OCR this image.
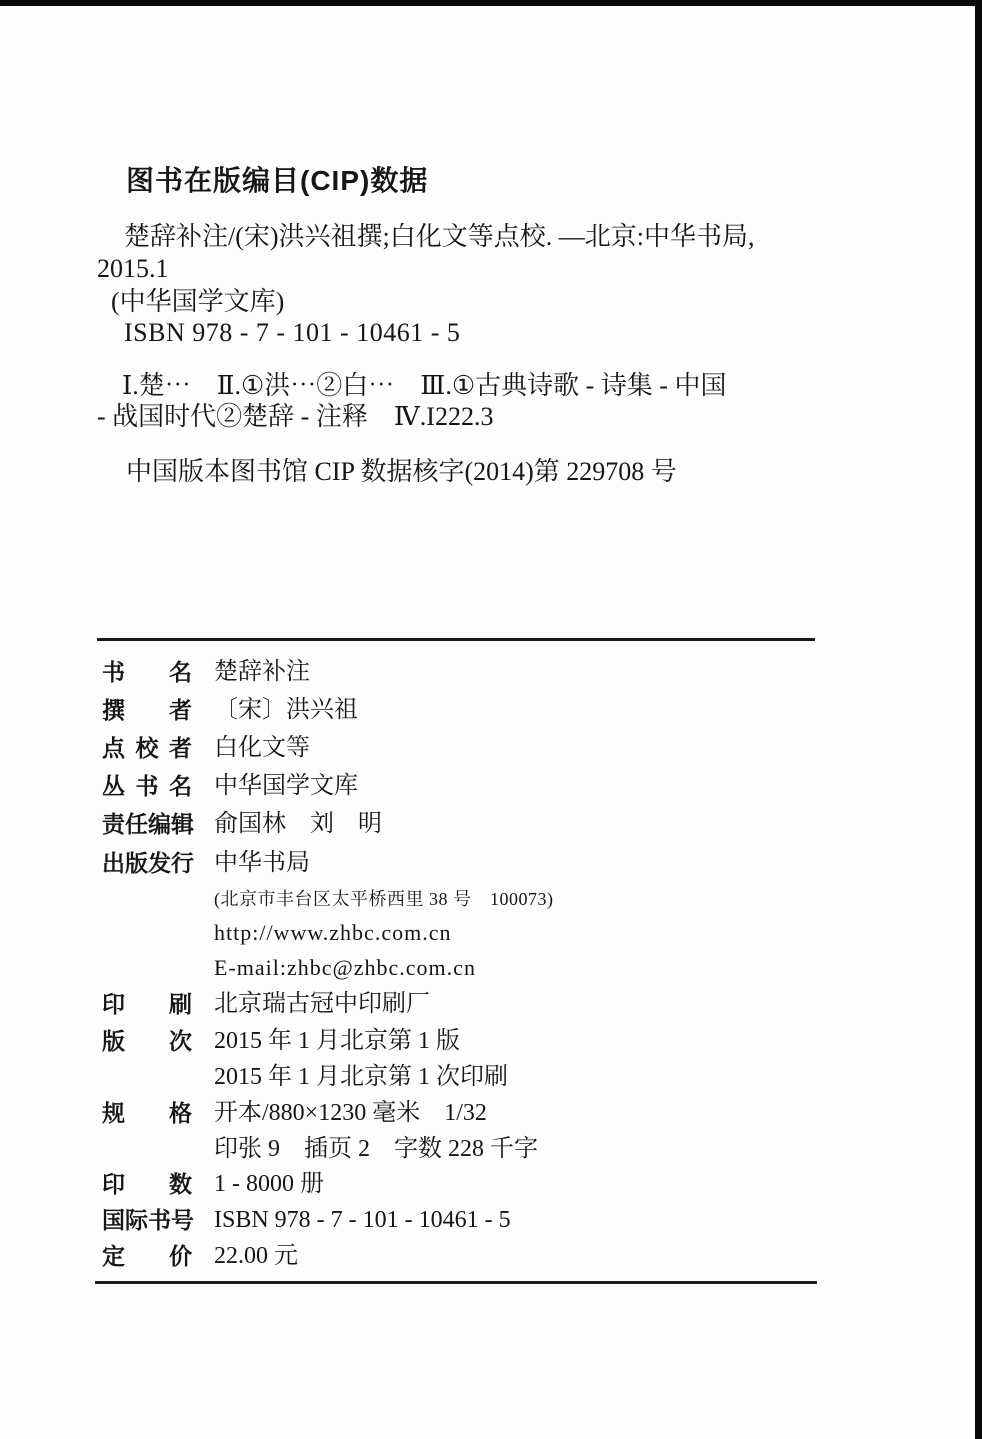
图书在版编目(CIP)数据
楚辞补注/(宋)洪兴祖撰;白化文等点校. —北京:中华书局,
2015.1
(中华国学文库)
ISBN 978 - 7 - 101 - 10461 - 5
Ⅰ.楚⋯　Ⅱ.①洪⋯②白⋯　Ⅲ.①古典诗歌 - 诗集 - 中国
- 战国时代②楚辞 - 注释　Ⅳ.I222.3
中国版本图书馆 CIP 数据核字(2014)第 229708 号
书 名 楚辞补注
撰 者 〔宋〕洪兴祖
点 校 者 白化文等
丛 书 名 中华国学文库
责 任 编 辑 俞国林　刘　明
出 版 发 行 中华书局
(北京市丰台区太平桥西里 38 号　100073)
http://www.zhbc.com.cn
E-mail:zhbc@zhbc.com.cn
印 刷 北京瑞古冠中印刷厂
版 次 2015 年 1 月北京第 1 版
2015 年 1 月北京第 1 次印刷
规 格 开本/880×1230 毫米　1/32
印张 9　插页 2　字数 228 千字
印 数 1 - 8000 册
国 际 书 号 ISBN 978 - 7 - 101 - 10461 - 5
定 价 22.00 元
